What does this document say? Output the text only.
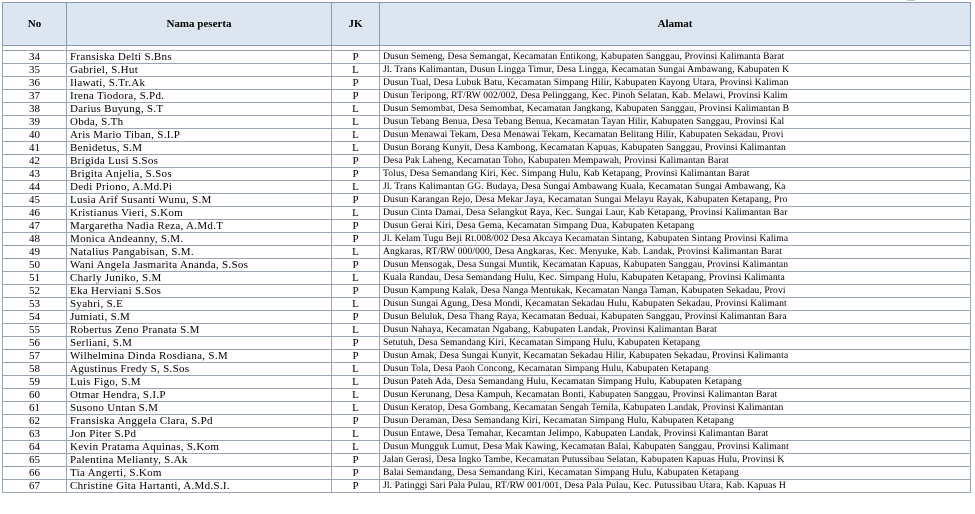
No	Nama peserta	JK	Alamat

34	Fransiska Delti S.Bns	P	Dusun Semeng, Desa Semangat, Kecamatan Entikong, Kabupaten Sanggau, Provinsi Kalimanta Barat
35	Gabriel, S.Hut	L	Jl. Trans Kalimantan, Dusun Lingga Timur, Desa Lingga, Kecamatan Sungai Ambawang, Kabupaten K
36	Ilawati, S.Tr.Ak	P	Dusun Tual, Desa Lubuk Batu, Kecamatan Simpang Hilir, Kabupaten Kayong Utara, Provinsi Kaliman
37	Irena Tiodora, S.Pd.	P	Dusun Teripong, RT/RW 002/002, Desa Pelinggang, Kec. Pinoh Selatan, Kab. Melawi, Provinsi Kalim
38	Darius Buyung, S.T	L	Dusun Semombat, Desa Semombat, Kecamatan Jangkang, Kabupaten Sanggau, Provinsi Kalimantan B
39	Obda, S.Th	L	Dusun Tebang Benua, Desa Tebang Benua, Kecamatan Tayan Hilir, Kabupaten Sanggau, Provinsi Kal
40	Aris Mario Tiban, S.I.P	L	Dusun Menawai Tekam, Desa Menawai Tekam, Kecamatan Belitang Hilir, Kabupaten Sekadau, Provi
41	Benidetus, S.M	L	Dusun Borang Kunyit, Desa Kambong, Kecamatan Kapuas, Kabupaten Sanggau, Provinsi Kalimantan
42	Brigida Lusi S.Sos	P	Desa Pak Laheng, Kecamatan Toho, Kabupaten Mempawah, Provinsi Kalimantan Barat
43	Brigita Anjelia, S.Sos	P	Tolus, Desa Semandang Kiri, Kec. Simpang Hulu, Kab Ketapang, Provinsi Kalimantan Barat
44	Dedi Priono, A.Md.Pi	L	Jl. Trans Kalimantan GG. Budaya, Desa Sungai Ambawang Kuala, Kecamatan Sungai Ambawang, Ka
45	Lusia Arif Susanti Wunu, S.M	P	Dusun Karangan Rejo, Desa Mekar Jaya, Kecamatan Sungai Melayu Rayak, Kabupaten Ketapang, Pro
46	Kristianus Vieri, S.Kom	L	Dusun Cinta Damai, Desa Selangkut Raya, Kec. Sungai Laur, Kab Ketapang, Provinsi Kalimantan Bar
47	Margaretha Nadia Reza, A.Md.T	P	Dusun Gerai Kiri, Desa Gema, Kecamatan Simpang Dua, Kabupaten Ketapang
48	Monica Andeanny, S.M.	P	Jl. Kelam Tugu Beji Rt.008/002 Desa Akcaya Kecamatan Sintang, Kabupaten Sintang Provinsi Kalima
49	Natalius Pangabisan, S.M.	L	Angkaras, RT/RW 000/000, Desa Angkaras, Kec. Menyuke, Kab. Landak, Provinsi Kalimantan Barat
50	Wani Angela Jasmarita Ananda, S.Sos	P	Dusun Mensogak, Desa Sungai Muntik, Kecamatan Kapuas, Kabupaten Sanggau, Provinsi Kalimantan
51	Charly Juniko, S.M	L	Kuala Randau, Desa Semandang Hulu, Kec. Simpang Hulu, Kabupaten Ketapang, Provinsi Kalimanta
52	Eka Herviani S.Sos	P	Dusun Kampung Kalak, Desa Nanga Mentukak, Kecamatan Nanga Taman, Kabupaten Sekadau, Provi
53	Syahri, S.E	L	Dusun Sungai Agung, Desa Mondi, Kecamatan Sekadau Hulu, Kabupaten Sekadau, Provinsi Kalimant
54	Jumiati, S.M	P	Dusun Beluluk, Desa Thang Raya, Kecamatan Beduai, Kabupaten Sanggau, Provinsi Kalimantan Bara
55	Robertus Zeno Pranata S.M	L	Dusun Nahaya, Kecamatan Ngabang, Kabupaten Landak, Provinsi Kalimantan Barat
56	Serliani, S.M	P	Setutuh, Desa Semandang Kiri, Kecamatan Simpang Hulu, Kabupaten Ketapang
57	Wilhelmina Dinda Rosdiana, S.M	P	Dusun Amak, Desa Sungai Kunyit, Kecamatan Sekadau Hilir, Kabupaten Sekadau, Provinsi Kalimanta
58	Agustinus Fredy S, S.Sos	L	Dusun Tola, Desa Paoh Concong, Kecamatan Simpang Hulu, Kabupaten Ketapang
59	Luis Figo, S.M	L	Dusun Pateh Ada, Desa Semandang Hulu, Kecamatan Simpang Hulu, Kabupaten Ketapang
60	Otmar Hendra, S.I.P	L	Dusun Kerunang, Desa Kampuh, Kecamatan Bonti, Kabupaten Sanggau, Provinsi Kalimantan Barat
61	Susono Untan S.M	L	Dusun Keratop, Desa Gombang, Kecamatan Sengah Temila, Kabupaten Landak, Provinsi Kalimantan
62	Fransiska Anggela Clara, S.Pd	P	Dusun Deraman, Desa Semandang Kiri, Kecamatan Simpang Hulu, Kabupaten Ketapang
63	Jon Piter S.Pd	L	Dusun Entawe, Desa Temahar, Kecamtan Jelimpo, Kabupaten Landak, Provinsi Kalimantan Barat
64	Kevin Pratama Aquinas, S.Kom	L	Dusun Mungguk Lumut, Desa Mak Kawing, Kecamatan Balai, Kabupaten Sanggau, Provinsi Kalimant
65	Palentina Melianty, S.Ak	P	Jalan Gerasi, Desa Ingko Tambe, Kecamatan Putussibau Selatan, Kabupaten Kapuas Hulu, Provinsi K
66	Tia Angerti, S.Kom	P	Balai Semandang, Desa Semandang Kiri, Kecamatan Simpang Hulu, Kabupaten Ketapang
67	Christine Gita Hartanti, A.Md.S.I.	P	Jl. Patinggi Sari Pala Pulau, RT/RW 001/001, Desa Pala Pulau, Kec. Putussibau Utara, Kab. Kapuas H
